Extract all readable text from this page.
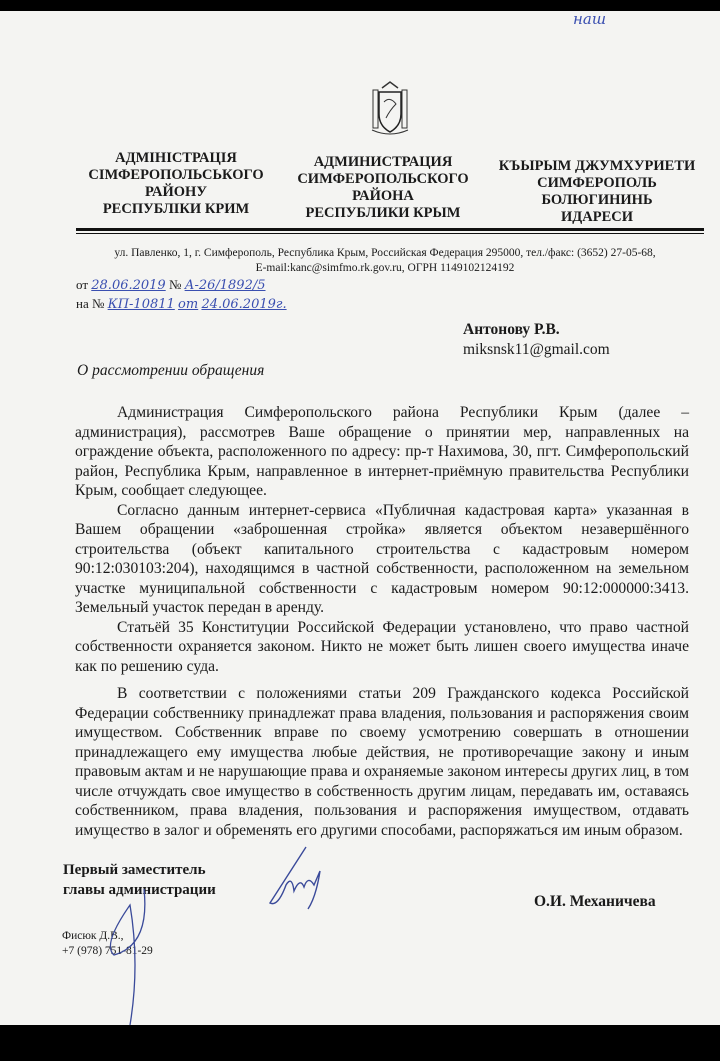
наш
АДМІНІСТРАЦІЯ
СІМФЕРОПОЛЬСЬКОГО
РАЙОНУ
РЕСПУБЛІКИ КРИМ
АДМИНИСТРАЦИЯ
СИМФЕРОПОЛЬСКОГО
РАЙОНА
РЕСПУБЛИКИ КРЫМ
КЪЫРЫМ ДЖУМХУРИЕТИ
СИМФЕРОПОЛЬ
БОЛЮГИНИНЬ
ИДАРЕСИ
ул. Павленко, 1, г. Симферополь, Республика Крым, Российская Федерация 295000, тел./факс: (3652) 27-05-68,
E-mail:kanc@simfmo.rk.gov.ru, ОГРН 1149102124192
от 28.06.2019 № А-26/1892/5
на № КП-10811 от 24.06.2019г.
Антонову Р.В.
miksnsk11@gmail.com
О рассмотрении обращения

Администрация Симферопольского района Республики Крым (далее – администрация), рассмотрев Ваше обращение о принятии мер, направленных на ограждение объекта, расположенного по адресу: пр-т Нахимова, 30, пгт. Симферопольский район, Республика Крым, направленное в интернет-приёмную правительства Республики Крым, сообщает следующее.

Согласно данным интернет-сервиса «Публичная кадастровая карта» указанная в Вашем обращении «заброшенная стройка» является объектом незавершённого строительства (объект капитального строительства с кадастровым номером 90:12:030103:204), находящимся в частной собственности, расположенном на земельном участке муниципальной собственности с кадастровым номером 90:12:000000:3413. Земельный участок передан в аренду.

Статьёй 35 Конституции Российской Федерации установлено, что право частной собственности охраняется законом. Никто не может быть лишен своего имущества иначе как по решению суда.

В соответствии с положениями статьи 209 Гражданского кодекса Российской Федерации собственнику принадлежат права владения, пользования и распоряжения своим имуществом. Собственник вправе по своему усмотрению совершать в отношении принадлежащего ему имущества любые действия, не противоречащие закону и иным правовым актам и не нарушающие права и охраняемые законом интересы других лиц, в том числе отчуждать свое имущество в собственность другим лицам, передавать им, оставаясь собственником, права владения, пользования и распоряжения имуществом, отдавать имущество в залог и обременять его другими способами, распоряжаться им иным образом.

Первый заместитель
главы администрации
О.И. Механичева
Фисюк Д.В.,
+7 (978) 751-81-29
